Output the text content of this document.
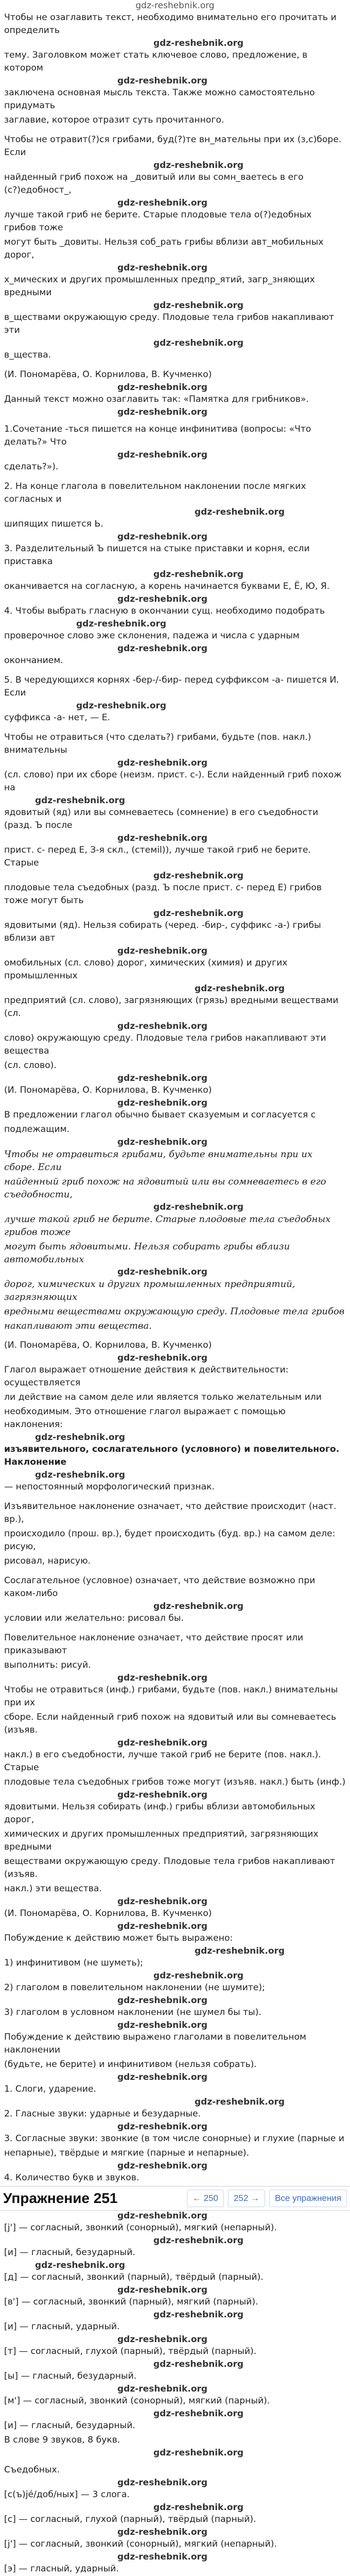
gdz-reshebnik.org

Чтобы не озаглавить текст, необходимо внимательно его прочитать и определить

gdz-reshebnik.org

тему. Заголовком может стать ключевое слово, предложение, в котором

gdz-reshebnik.org

заключена основная мысль текста. Также можно самостоятельно придумать

заглавие, которое отразит суть прочитанного.

Чтобы не отравит(?)ся грибами, буд(?)те вн_мательны при их (з,с)боре. Если

gdz-reshebnik.org

найденный гриб похож на _довитый или вы сомн_ваетесь в его (с?)едобност_,

gdz-reshebnik.org

лучше такой гриб не берите. Старые плодовые тела о(?)едобных грибов тоже

могут быть _довиты. Нельзя соб_рать грибы вблизи авт_мобильных дорог,

gdz-reshebnik.org

х_мических и других промышленных предпр_ятий, загр_зняющих вредными

gdz-reshebnik.org

в_ществами окружающую среду. Плодовые тела грибов накапливают эти

gdz-reshebnik.org

в_щества.

(И. Пономарёва, О. Корнилова, В. Кучменко)

gdz-reshebnik.org

Данный текст можно озаглавить так: «Памятка для грибников».

gdz-reshebnik.org

1.Сочетание -тьcя пишется на конце инфинитива (вопросы: «Что делать?» Что

gdz-reshebnik.org

сделать?»).

2. На конце глагола в повелительном наклонении после мягких согласных и

gdz-reshebnik.org

шипящих пишется Ь.

gdz-reshebnik.org

3. Разделительный Ъ пишется на стыке приставки и корня, если приставка

gdz-reshebnik.org

оканчивается на согласную, а корень начинается буквами Е, Ё, Ю, Я.

gdz-reshebnik.org

4. Чтобы выбрать гласную в окончании сущ. необходимо подобрать

gdz-reshebnik.org

проверочное слово эже склонения, падежа и числа с ударным

gdz-reshebnik.org

окончанием.

5. В чередующихся корнях -бер-/-бир- перед суффиксом -а- пишется И. Если

gdz-reshebnik.org

суффикса -а- нет, — Е.

Чтобы не отравиться (что сделать?) грибами, будьте (пов. накл.) внимательны

gdz-reshebnik.org

(сл. слово) при их сборе (неизм. прист. с-). Если найденный гриб похож на

gdz-reshebnik.org

ядовитый (яд) или вы сомневаетесь (сомнение) в его съедобности (разд. Ъ после

gdz-reshebnik.org

прист. с- перед Е, З-я скл., (стемil)), лучше такой гриб не берите. Старые

gdz-reshebnik.org

плодовые тела съедобных (разд. Ъ после прист. с- перед Е) грибов тоже могут быть

gdz-reshebnik.org

ядовитыми (яд). Нельзя собирать (черед. -бир-, суффикс -а-) грибы вблизи авт

gdz-reshebnik.org

омобильных (сл. слово) дорог, химических (химия) и других промышленных

gdz-reshebnik.org

предприятий (сл. слово), загрязняющих (грязь) вредными веществами (сл.

gdz-reshebnik.org

слово) окружающую среду. Плодовые тела грибов накапливают эти вещества

(сл. слово).

gdz-reshebnik.org

(И. Пономарёва, О. Корнилова, В. Кучменко)

gdz-reshebnik.org

В предложении глагол обычно бывает сказуемым и согласуется с

подлежащим.

gdz-reshebnik.org

Чтобы не отравиться грибами, будьте внимательны при их сборе. Если

найденный гриб похож на ядовитый или вы сомневаетесь в его съедобности,

gdz-reshebnik.org

лучше такой гриб не берите. Старые плодовые тела съедобных грибов тоже

могут быть ядовитыми. Нельзя собирать грибы вблизи автомобильных

gdz-reshebnik.org

дорог, химических и других промышленных предприятий, загрязняющих

вредными веществами окружающую среду. Плодовые тела грибов

накапливают эти вещества.

(И. Пономарёва, О. Корнилова, В. Кучменко)

gdz-reshebnik.org

Глагол выражает отношение действия к действительности: осуществляется

ли действие на самом деле или является только желательным или

необходимым. Это отношение глагол выражает с помощью наклонения:

gdz-reshebnik.org

изъявительного, сослагательного (условного) и повелительного. Наклонение

gdz-reshebnik.org

— непостоянный морфологический признак.

Изъявительное наклонение означает, что действие происходит (наст. вр.),

происходило (прош. вр.), будет происходить (буд. вр.) на самом деле: рисую,

рисовал, нарисую.

Сослагательное (условное) означает, что действие возможно при каком-либо

gdz-reshebnik.org

условии или желательно: рисовал бы.

Повелительное наклонение означает, что действие просят или приказывают

выполнить: рисуй.

gdz-reshebnik.org

Чтобы не отравиться (инф.) грибами, будьте (пов. накл.) внимательны при их

сборе. Если найденный гриб похож на ядовитый или вы сомневаетесь (изъяв.

gdz-reshebnik.org

накл.) в его съедобности, лучше такой гриб не берите (пов. накл.). Старые

плодовые тела съедобных грибов тоже могут (изъяв. накл.) быть (инф.)

gdz-reshebnik.org

ядовитыми. Нельзя собирать (инф.) грибы вблизи автомобильных дорог,

химических и других промышленных предприятий, загрязняющих вредными

веществами окружающую среду. Плодовые тела грибов накапливают (изъяв.

накл.) эти вещества.

gdz-reshebnik.org

(И. Пономарёва, О. Корнилова, В. Кучменко)

gdz-reshebnik.org

Побуждение к действию может быть выражено:

gdz-reshebnik.org

1) инфинитивом (не шуметь);

gdz-reshebnik.org

2) глаголом в повелительном наклонении (не шумите);

gdz-reshebnik.org

3) глаголом в условном наклонении (не шумел бы ты).

gdz-reshebnik.org

Побуждение к действию выражено глаголами в повелительном наклонении

(будьте, не берите) и инфинитивом (нельзя собрать).

gdz-reshebnik.org

1. Слоги, ударение.

gdz-reshebnik.org

2. Гласные звуки: ударные и безударные.

gdz-reshebnik.org

3. Согласные звуки: звонкие (в том числе сонорные) и глухие (парные и

непарные), твёрдые и мягкие (парные и непарные).

gdz-reshebnik.org

4. Количество букв и звуков.

Упражнение 251	← 250	252 →	Все упражнения
gdz-reshebnik.org

[j'] — согласный, звонкий (сонорный), мягкий (непарный).

gdz-reshebnik.org

[и] — гласный, безударный.

gdz-reshebnik.org

[д] — согласный, звонкий (парный), твёрдый (парный).

gdz-reshebnik.org

[в'] — согласный, звонкий (парный), мягкий (парный).

gdz-reshebnik.org

[и] — гласный, ударный.

gdz-reshebnik.org

[т] — согласный, глухой (парный), твёрдый (парный).

gdz-reshebnik.org

[ы] — гласный, безударный.

gdz-reshebnik.org

[м'] — согласный, звонкий (сонорный), мягкий (парный).

gdz-reshebnik.org

[и] — гласный, безударный.

В слове 9 звуков, 8 букв.

gdz-reshebnik.org

Съедобных.

gdz-reshebnik.org

[с(ъ)jé/доб/ных] — 3 слога.

gdz-reshebnik.org

[с] — согласный, глухой (парный), твёрдый (парный).

gdz-reshebnik.org

[j'] — согласный, звонкий (сонорный), мягкий (непарный).

gdz-reshebnik.org

[э] — гласный, ударный.
